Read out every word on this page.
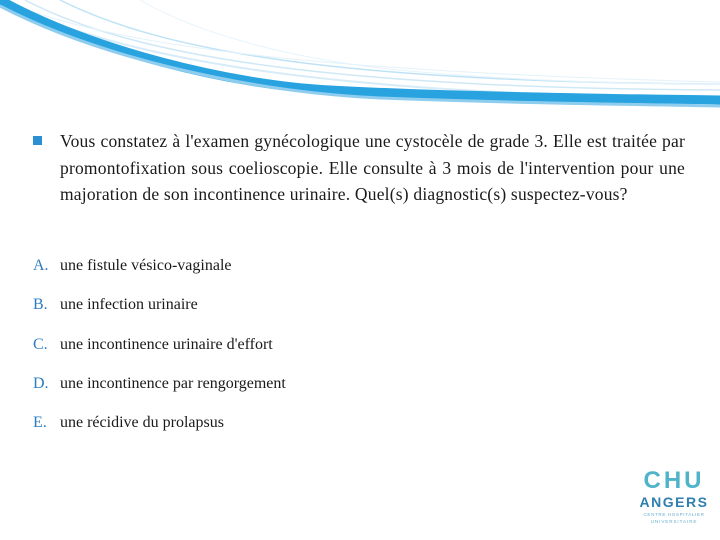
Vous constatez à l'examen gynécologique une cystocèle de grade 3. Elle est traitée par promontofixation sous coelioscopie. Elle consulte à 3 mois de l'intervention pour une majoration de son incontinence urinaire. Quel(s) diagnostic(s) suspectez-vous?
A. une fistule vésico-vaginale
B. une infection urinaire
C. une incontinence urinaire d'effort
D. une incontinence par rengorgement
E. une récidive du prolapsus
CHU
ANGERS
CENTRE HOSPITALIER
UNIVERSITAIRE
